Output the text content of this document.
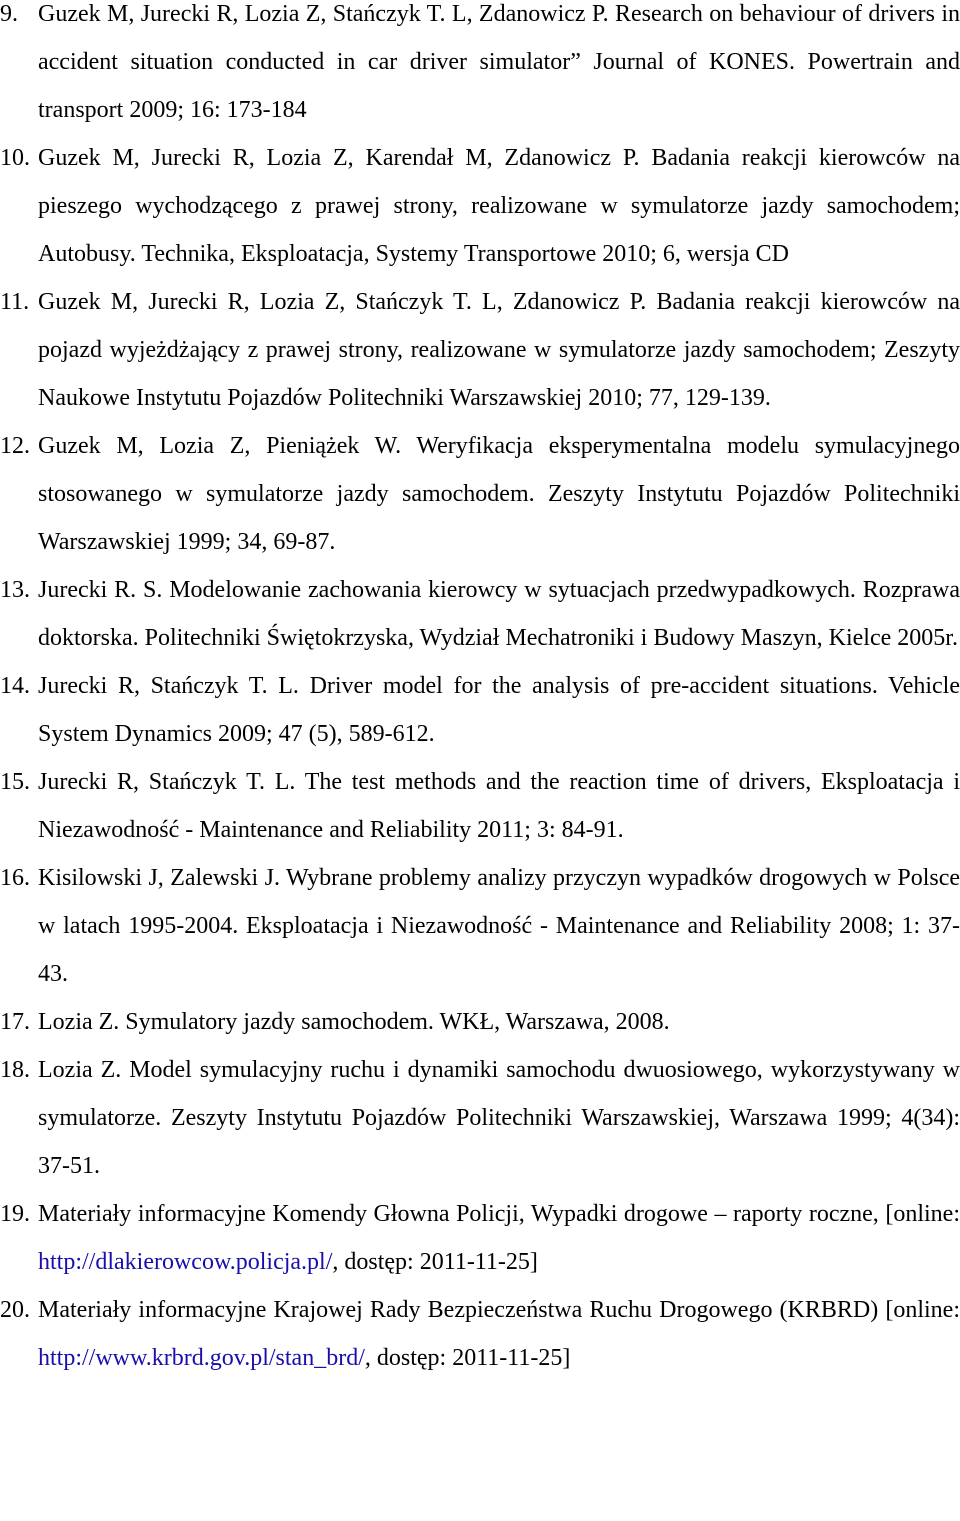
9. Guzek M, Jurecki R, Lozia Z, Stańczyk T. L, Zdanowicz P. Research on behaviour of drivers in accident situation conducted in car driver simulator” Journal of KONES. Powertrain and transport 2009; 16: 173-184
10. Guzek M, Jurecki R, Lozia Z, Karendał M, Zdanowicz P. Badania reakcji kierowców na pieszego wychodzącego z prawej strony, realizowane w symulatorze jazdy samochodem; Autobusy. Technika, Eksploatacja, Systemy Transportowe 2010; 6, wersja CD
11. Guzek M, Jurecki R, Lozia Z, Stańczyk T. L, Zdanowicz P. Badania reakcji kierowców na pojazd wyjeżdżający z prawej strony, realizowane w symulatorze jazdy samochodem; Zeszyty Naukowe Instytutu Pojazdów Politechniki Warszawskiej 2010; 77, 129-139.
12. Guzek M, Lozia Z, Pieniążek W. Weryfikacja eksperymentalna modelu symulacyjnego stosowanego w symulatorze jazdy samochodem. Zeszyty Instytutu Pojazdów Politechniki Warszawskiej 1999; 34, 69-87.
13. Jurecki R. S. Modelowanie zachowania kierowcy w sytuacjach przedwypadkowych. Rozprawa doktorska. Politechniki Świętokrzyska, Wydział Mechatroniki i Budowy Maszyn, Kielce 2005r.
14. Jurecki R, Stańczyk T. L. Driver model for the analysis of pre-accident situations. Vehicle System Dynamics 2009; 47 (5), 589-612.
15. Jurecki R, Stańczyk T. L. The test methods and the reaction time of drivers, Eksploatacja i Niezawodność - Maintenance and Reliability 2011; 3: 84-91.
16. Kisilowski J, Zalewski J. Wybrane problemy analizy przyczyn wypadków drogowych w Polsce w latach 1995-2004. Eksploatacja i Niezawodność - Maintenance and Reliability 2008; 1: 37-43.
17. Lozia Z. Symulatory jazdy samochodem. WKŁ, Warszawa, 2008.
18. Lozia Z. Model symulacyjny ruchu i dynamiki samochodu dwuosiowego, wykorzystywany w symulatorze. Zeszyty Instytutu Pojazdów Politechniki Warszawskiej, Warszawa 1999; 4(34): 37-51.
19. Materiały informacyjne Komendy Głowna Policji, Wypadki drogowe – raporty roczne, [online: http://dlakierowcow.policja.pl/, dostęp: 2011-11-25]
20. Materiały informacyjne Krajowej Rady Bezpieczeństwa Ruchu Drogowego (KRBRD) [online: http://www.krbrd.gov.pl/stan_brd/, dostęp: 2011-11-25]
